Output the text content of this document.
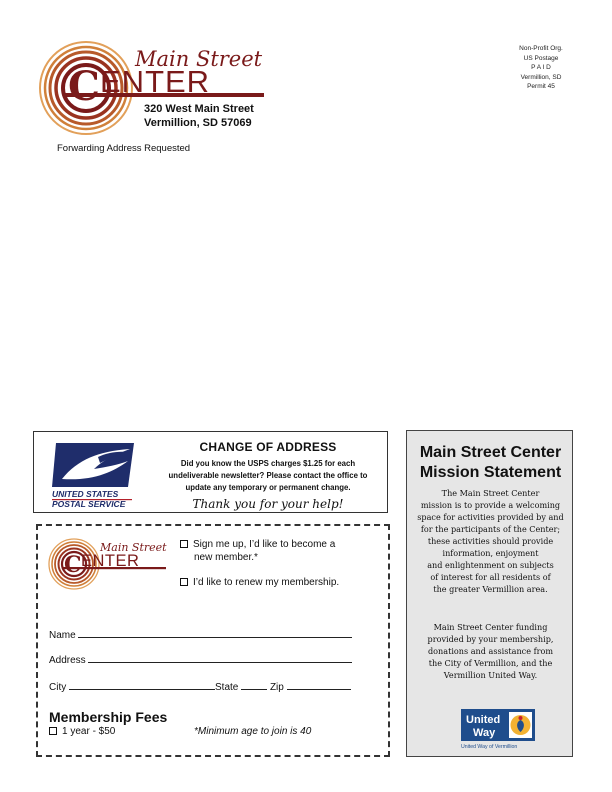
Main Street
C ENTER
320 West Main Street
Vermillion, SD 57069
Forwarding Address Requested
Non-Profit Org.
US Postage
P A I D
Vermillion, SD
Permit 45
UNITED STATES
POSTAL SERVICE
CHANGE OF ADDRESS
Did you know the USPS charges $1.25 for each
undeliverable newsletter? Please contact the office to
update any temporary or permanent change.
Thank you for your help!
Main Street
C ENTER
Sign me up, I’d like to become a
new member.*
I’d like to renew my membership.
Name
Address
City	State	Zip
Membership Fees
1 year - $50	*Minimum age to join is 40
Main Street Center
Mission Statement
The Main Street Center
mission is to provide a welcoming
space for activities provided by and
for the participants of the Center;
these activities should provide
information, enjoyment
and enlightenment on subjects
of interest for all residents of
the greater Vermillion area.
Main Street Center funding
provided by your membership,
donations and assistance from
the City of Vermillion, and the
Vermillion United Way.
United
Way
United Way of Vermillion
